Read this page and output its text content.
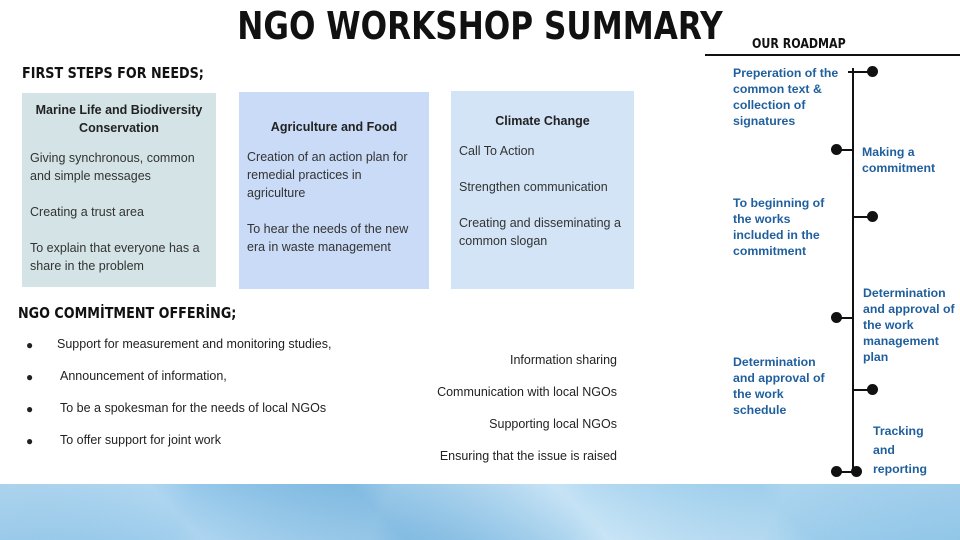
NGO WORKSHOP SUMMARY
FIRST STEPS FOR NEEDS;
Marine Life and Biodiversity Conservation

Giving synchronous, common and simple messages

Creating a trust area

To explain that everyone has a share in the problem

Agriculture and Food

Creation of an action plan for remedial practices in agriculture

To hear the needs of the new era in waste management

Climate Change

Call To Action

Strengthen communication

Creating and disseminating a common slogan

NGO COMMİTMENT OFFERİNG;
● Support for measurement and monitoring studies,
● Announcement of information,
● To be a spokesman for the needs of local NGOs
● To offer support for joint work
Information sharing
Communication with local NGOs
Supporting local NGOs
Ensuring that the issue is raised
OUR ROADMAP
Preperation of the common text & collection of signatures
Making a commitment
To beginning of the works included in the commitment
Determination and approval of the work management plan
Determination and approval of the work schedule
Tracking and reporting
